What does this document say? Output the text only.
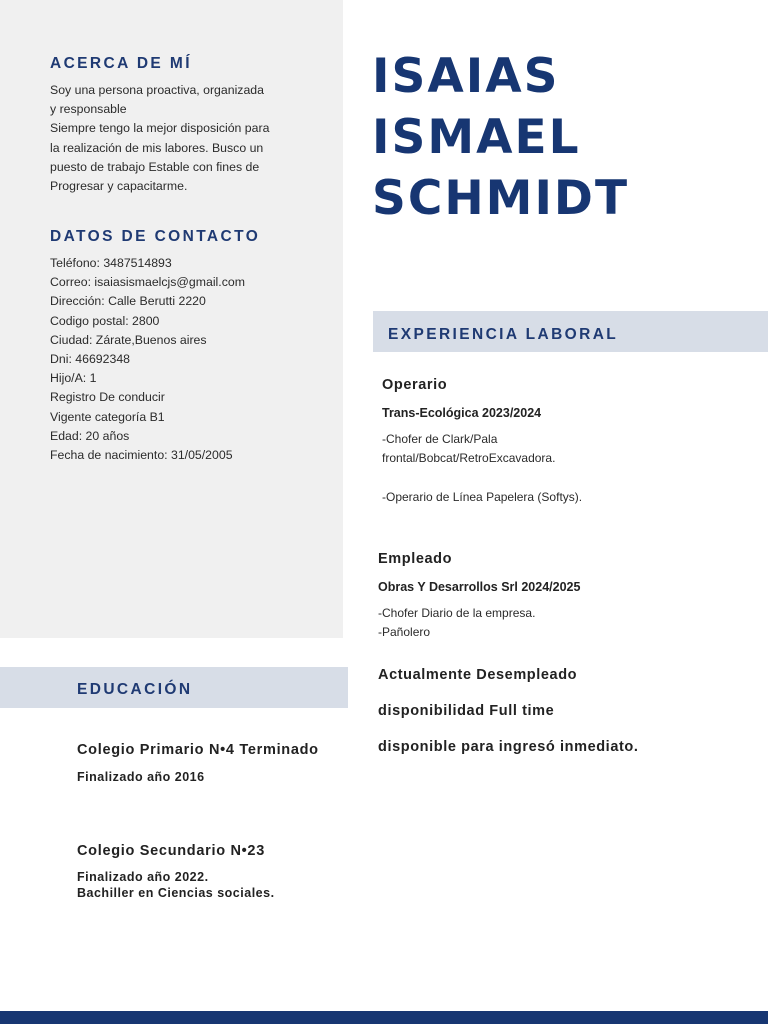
ACERCA DE MÍ
Soy una persona proactiva, organizada
y responsable
Siempre tengo la mejor disposición para
la realización de mis labores. Busco un
puesto de trabajo Estable con fines de
Progresar y capacitarme.
DATOS DE CONTACTO
Teléfono: 3487514893
Correo: isaiasismaelcjs@gmail.com
Dirección: Calle Berutti 2220
Codigo postal: 2800
Ciudad: Zárate,Buenos aires
Dni: 46692348
Hijo/A: 1
Registro De conducir
Vigente categoría B1
Edad: 20 años
Fecha de nacimiento: 31/05/2005
ISAIAS
ISMAEL
SCHMIDT
EXPERIENCIA LABORAL
Operario

Trans-Ecológica 2023/2024

-Chofer de Clark/Pala
frontal/Bobcat/RetroExcavadora.
-Operario de Línea Papelera (Softys).
Empleado

Obras Y Desarrollos Srl 2024/2025

-Chofer Diario de la empresa.
-Pañolero

Actualmente Desempleado

disponibilidad Full time

disponible para ingresó inmediato.

EDUCACIÓN
Colegio Primario N•4 Terminado
Finalizado año 2016
Colegio Secundario N•23
Finalizado año 2022.
Bachiller en Ciencias sociales.
